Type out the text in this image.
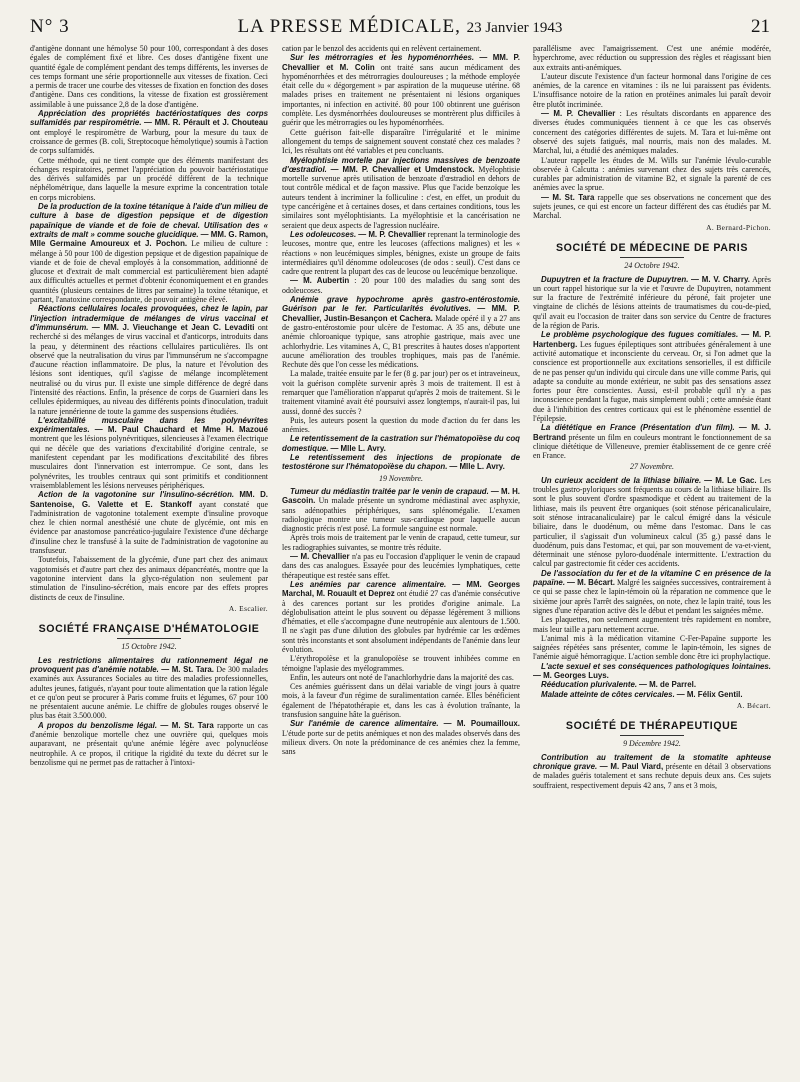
N° 3	LA PRESSE MÉDICALE, 23 Janvier 1943	21

d'antigène donnant une hémolyse 50 pour 100, correspondant à des doses égales de complément fixé et libre. Ces doses d'antigène fixent une quantité égale de complément pendant des temps différents, les inverses de ces temps formant une série proportionnelle aux vitesses de fixation. Ceci a permis de tracer une courbe des vitesses de fixation en fonction des doses d'antigène. Dans ces conditions, la vitesse de fixation est grossièrement assimilable à une puissance 2,8 de la dose d'antigène.

Appréciation des propriétés bactériostatiques des corps sulfamidés par respirométrie. — MM. R. Pérault et J. Chouteau ont employé le respiromètre de Warburg, pour la mesure du taux de croissance de germes (B. coli, Streptocoque hémolytique) soumis à l'action de corps sulfamidés.

Cette méthode, qui ne tient compte que des éléments manifestant des échanges respiratoires, permet l'appréciation du pouvoir bactériostatique des dérivés sulfamidés par un procédé différent de la technique néphélométrique, dans laquelle la mesure exprime la concentration totale en corps microbiens.

De la production de la toxine tétanique à l'aide d'un milieu de culture à base de digestion pepsique et de digestion papaïnique de viande et de foie de cheval. Utilisation des « extraits de malt » comme souche glucidique. — MM. G. Ramon, Mlle Germaine Amoureux et J. Pochon. Le milieu de culture : mélange à 50 pour 100 de digestion pepsique et de digestion papaïnique de viande et de foie de cheval employés à la consommation, additionné de glucose et d'extrait de malt commercial est particulièrement bien adapté aux difficultés actuelles et permet d'obtenir économiquement et en grandes quantités (plusieurs centaines de litres par semaine) la toxine tétanique, et partant, l'anatoxine correspondante, de pouvoir antigène élevé.

Réactions cellulaires locales provoquées, chez le lapin, par l'injection intradermique de mélanges de virus vaccinal et d'immunsérum. — MM. J. Vieuchange et Jean C. Levaditi ont recherché si des mélanges de virus vaccinal et d'anticorps, introduits dans la peau, y déterminent des réactions cellulaires particulières. Ils ont observé que la neutralisation du virus par l'immunsérum ne s'accompagne d'aucune réaction inflammatoire. De plus, la nature et l'évolution des lésions sont identiques, qu'il s'agisse de mélange incomplètement neutralisé ou du virus pur. Il existe une simple différence de degré dans l'intensité des réactions. Enfin, la présence de corps de Guarnieri dans les cellules épidermiques, au niveau des différents points d'inoculation, traduit la nature jennérienne de toute la gamme des suspensions étudiées.

L'excitabilité musculaire dans les polynévrites expérimentales. — M. Paul Chauchard et Mme H. Mazoué montrent que les lésions polynévritiques, silencieuses à l'examen électrique qui ne décèle que des variations d'excitabilité d'origine centrale, se manifestent cependant par les modifications d'excitabilité des fibres musculaires dont l'innervation est interrompue. Ce sont, dans les polynévrites, les troubles centraux qui sont primitifs et conditionnent vraisemblablement les lésions nerveuses périphériques.

Action de la vagotonine sur l'insulino-sécrétion. MM. D. Santenoise, G. Valette et E. Stankoff ayant constaté que l'administration de vagotonine totalement exempte d'insuline provoque chez le chien normal anesthésié une chute de glycémie, ont mis en évidence par anastomose pancréatico-jugulaire l'existence d'une décharge d'insuline chez le transfusé à la suite de l'administration de vagotonine au transfuseur.

Toutefois, l'abaissement de la glycémie, d'une part chez des animaux vagotomisés et d'autre part chez des animaux dépancréatés, montre que la vagotonine intervient dans la glyco-régulation non seulement par stimulation de l'insulino-sécrétion, mais encore par des effets propres distincts de ceux de l'insuline.

A. Escalier.

SOCIÉTÉ FRANÇAISE D'HÉMATOLOGIE

15 Octobre 1942.

Les restrictions alimentaires du rationnement légal ne provoquent pas d'anémie notable. — M. St. Tara. De 300 malades examinés aux Assurances Sociales au titre des maladies professionnelles, adultes jeunes, fatigués, n'ayant pour toute alimentation que la ration légale et ce qu'on peut se procurer à Paris comme fruits et légumes, 67 pour 100 ne présentaient aucune anémie. Le chiffre de globules rouges observé le plus bas était 3.500.000.

A propos du benzolisme légal. — M. St. Tara rapporte un cas d'anémie benzolique mortelle chez une ouvrière qui, quelques mois auparavant, ne présentait qu'une anémie légère avec polynucléose neutrophile. A ce propos, il critique la rigidité du texte du décret sur le benzolisme qui ne permet pas de rattacher à l'intoxi-

cation par le benzol des accidents qui en relèvent certainement.

Sur les métrorragies et les hypoménorrhées. — MM. P. Chevallier et M. Colin ont traité sans aucun médicament des hypoménorrhées et des métrorragies douloureuses ; la méthode employée était celle du « dégorgement » par aspiration de la muqueuse utérine. 68 malades prises en traitement ne présentaient ni lésions organiques importantes, ni infection en activité. 80 pour 100 obtinrent une guérison complète. Les dysménorrhées douloureuses se montrèrent plus difficiles à guérir que les métrorragies ou les hypoménorrhées.

Cette guérison fait-elle disparaître l'irrégularité et le minime allongement du temps de saignement souvent constaté chez ces malades ? Ici, les résultats ont été variables et peu concluants.

Myélophtisie mortelle par injections massives de benzoate d'œstradiol. — MM. P. Chevallier et Umdenstock. Myélophtisie mortelle survenue après utilisation de benzoate d'œstradiol en dehors de tout contrôle médical et de façon massive. Plus que l'acide benzoïque les auteurs tendent à incriminer la folliculine : c'est, en effet, un produit du type cancérigène et à certaines doses, et dans certaines conditions, tous les similaires sont myélophtisiants. La myélophtisie et la cancérisation ne seraient que deux aspects de l'agression nucléaire.

Les odoleucoses. — M. P. Chevallier reprenant la terminologie des leucoses, montre que, entre les leucoses (affections malignes) et les « réactions » non leucémiques simples, bénignes, existe un groupe de faits intermédiaires qu'il dénomme odoleucoses (de odos : seuil). C'est dans ce cadre que rentrent la plupart des cas de leucose ou leucémique benzolique.

— M. Aubertin : 20 pour 100 des maladies du sang sont des odoleucoses.

Anémie grave hypochrome après gastro-entérostomie. Guérison par le fer. Particularités évolutives. — MM. P. Chevallier, Justin-Besançon et Cachera. Malade opéré il y a 27 ans de gastro-entérostomie pour ulcère de l'estomac. A 35 ans, débute une anémie chloroanique typique, sans atrophie gastrique, mais avec une achlorhydrie. Les vitamines A, C, B1 prescrites à hautes doses n'apportent aucune amélioration des troubles trophiques, mais pas de l'anémie. Rechute dès que l'on cesse les médications.

La malade, traitée ensuite par le fer (8 g. par jour) per os et intraveineux, voit la guérison complète survenir après 3 mois de traitement. Il est à remarquer que l'amélioration n'apparut qu'après 2 mois de traitement. Si le traitement vitaminé avait été poursuivi assez longtemps, n'aurait-il pas, lui aussi, donné des succès ?

Puis, les auteurs posent la question du mode d'action du fer dans les anémies.

Le retentissement de la castration sur l'hématopoïèse du coq domestique. — Mlle L. Avry.

Le retentissement des injections de propionate de testostérone sur l'hématopoïèse du chapon. — Mlle L. Avry.

19 Novembre.

Tumeur du médiastin traitée par le venin de crapaud. — M. H. Gascoin. Un malade présente un syndrome médiastinal avec asphyxie, sans adénopathies périphériques, sans splénomégalie. L'examen radiologique montre une tumeur sus-cardiaque pour laquelle aucun diagnostic précis n'est posé. La formule sanguine est normale.

Après trois mois de traitement par le venin de crapaud, cette tumeur, sur les radiographies suivantes, se montre très réduite.

— M. Chevallier n'a pas eu l'occasion d'appliquer le venin de crapaud dans des cas analogues. Essayée pour des leucémies lymphatiques, cette thérapeutique est restée sans effet.

Les anémies par carence alimentaire. — MM. Georges Marchal, M. Rouault et Deprez ont étudié 27 cas d'anémie consécutive à des carences portant sur les protides d'origine animale. La déglobulisation atteint le plus souvent ou dépasse légèrement 3 millions d'hématies, et elle s'accompagne d'une neutropénie aux alentours de 1.500. Il ne s'agit pas d'une dilution des globules par hydrémie car les œdèmes sont très inconstants et sont absolument indépendants de l'anémie dans leur évolution.

L'érythropoïèse et la granulopoïèse se trouvent inhibées comme en témoigne l'aplasie des myélogrammes.

Enfin, les auteurs ont noté de l'anachlorhydrie dans la majorité des cas.

Ces anémies guérissent dans un délai variable de vingt jours à quatre mois, à la faveur d'un régime de suralimentation carnée. Elles bénéficient également de l'hépatothérapie et, dans les cas à évolution traînante, la transfusion sanguine hâte la guérison.

Sur l'anémie de carence alimentaire. — M. Poumailloux. L'étude porte sur de petits anémiques et non des malades observés dans des milieux divers. On note la prédominance de ces anémies chez la femme, sans

parallélisme avec l'amaigrissement. C'est une anémie modérée, hyperchrome, avec réduction ou suppression des règles et réagissant bien aux extraits anti-anémiques.

L'auteur discute l'existence d'un facteur hormonal dans l'origine de ces anémies, de la carence en vitamines : ils ne lui paraissent pas évidents. L'insuffisance notoire de la ration en protéines animales lui paraît devoir être plutôt incriminée.

— M. P. Chevallier : Les résultats discordants en apparence des diverses études communiquées tiennent à ce que les cas observés concernent des catégories différentes de sujets. M. Tara et lui-même ont observé des sujets fatigués, mal nourris, mais non des malades. M. Marchal, lui, a étudié des anémiques malades.

L'auteur rappelle les études de M. Wills sur l'anémie lévulo-curable observée à Calcutta : anémies survenant chez des sujets très carencés, curables par administration de vitamine B2, et signale la parenté de ces anémies avec la sprue.

— M. St. Tara rappelle que ses observations ne concernent que des sujets jeunes, ce qui est encore un facteur différent des cas étudiés par M. Marchal.

A. Bernard-Pichon.

SOCIÉTÉ DE MÉDECINE DE PARIS

24 Octobre 1942.

Dupuytren et la fracture de Dupuytren. — M. V. Charry. Après un court rappel historique sur la vie et l'œuvre de Dupuytren, notamment sur la fracture de l'extrémité inférieure du péroné, fait projeter une vingtaine de clichés de lésions atteints de traumatismes du cou-de-pied, qu'il avait eu l'occasion de traiter dans son service du Centre de fractures de la région de Paris.

Le problème psychologique des fugues comitiales. — M. P. Hartenberg. Les fugues épileptiques sont attribuées généralement à une activité automatique et inconsciente du cerveau. Or, si l'on admet que la conscience est proportionnelle aux excitations sensorielles, il est difficile de ne pas penser qu'un individu qui circule dans une ville comme Paris, qui adapte sa conduite au monde extérieur, ne subit pas des sensations assez fortes pour être conscientes. Aussi, est-il probable qu'il n'y a pas inconscience pendant la fugue, mais simplement oubli ; cette amnésie étant due à l'inhibition des centres corticaux qui est le phénomène essentiel de l'épilepsie.

La diététique en France (Présentation d'un film). — M. J. Bertrand présente un film en couleurs montrant le fonctionnement de sa clinique diététique de Villeneuve, premier établissement de ce genre créé en France.

27 Novembre.

Un curieux accident de la lithiase biliaire. — M. Le Gac. Les troubles gastro-pyloriques sont fréquents au cours de la lithiase biliaire. Ils sont le plus souvent d'ordre spasmodique et cèdent au traitement de la lithiase, mais ils peuvent être organiques (soit sténose péricanaliculaire, soit sténose intracanaliculaire) par le calcul émigré dans la vésicule biliaire, dans le duodénum, ou même dans l'estomac. Dans le cas particulier, il s'agissait d'un volumineux calcul (35 g.) passé dans le duodénum, puis dans l'estomac, et qui, par son mouvement de va-et-vient, déterminait une sténose pyloro-duodénale intermittente. L'extraction du calcul par gastrectomie fit céder ces accidents.

De l'association du fer et de la vitamine C en présence de la papaïne. — M. Bécart. Malgré les saignées successives, contrairement à ce qui se passe chez le lapin-témoin où la réparation ne commence que le sixième jour après l'arrêt des saignées, on note, chez le lapin traité, tous les signes d'une réparation active dès le début et pendant les saignées même.

Les plaquettes, non seulement augmentent très rapidement en nombre, mais leur taille a paru nettement accrue.

L'animal mis à la médication vitamine C-Fer-Papaïne supporte les saignées répétées sans présenter, comme le lapin-témoin, les signes de l'anémie aiguë hémorragique. L'action semble donc être ici prophylactique.

L'acte sexuel et ses conséquences pathologiques lointaines. — M. Georges Luys.

Rééducation plurivalente. — M. de Parrel.

Malade atteinte de côtes cervicales. — M. Félix Gentil.

A. Bécart.

SOCIÉTÉ DE THÉRAPEUTIQUE

9 Décembre 1942.

Contribution au traitement de la stomatite aphteuse chronique grave. — M. Paul Viard, présente en détail 3 observations de malades guéris totalement et sans rechute depuis deux ans. Ces sujets souffraient, respectivement depuis 42 ans, 7 ans et 3 mois,
